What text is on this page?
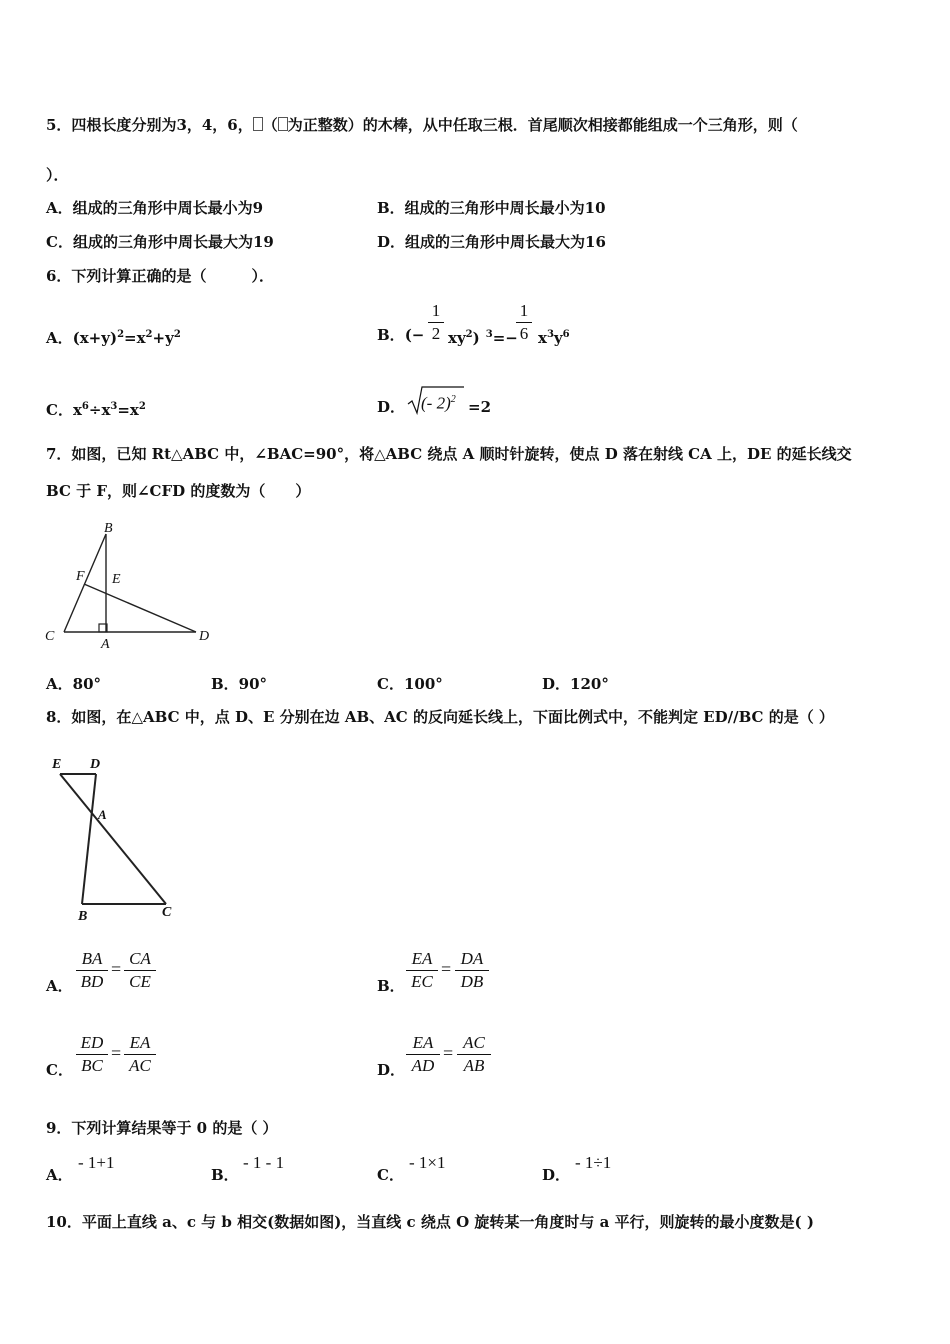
5．四根长度分别为3，4，6， （ 为正整数）的木棒，从中任取三根．首尾顺次相接都能组成一个三角形，则（
）．
A．组成的三角形中周长最小为9	B．组成的三角形中周长最小为10
C．组成的三角形中周长最大为19	D．组成的三角形中周长最大为16
6．下列计算正确的是（　　　）．
A．$(x+y)^2=x^2+y^2$	B．(− $\frac{1}{2} xy^2$) $^3$=−
$\frac{1}{6} x^3y^6$
C．$x^6\div x^3=x^2$	D． (- 2)$^2$ =2
7．如图，已知 Rt△ABC 中，∠BAC=90°，将△ABC 绕点 A 顺时针旋转，使点 D 落在射线 CA 上，DE 的延长线交
BC 于 F，则∠CFD 的度数为（　　）
B
F E
C
A
D
A．80°	B．90°	C．100°	D．120°
8．如图，在△ABC 中，点 D、E 分别在边 AB、AC 的反向延长线上，下面比例式中，不能判定 ED//BC 的是（ ）
E D
A
B	C
A． $\frac{BA}{BD} = \frac{CA}{CE}$	B． $\frac{EA}{EC} = \frac{DA}{DB}$
C． $\frac{ED}{BC} = \frac{EA}{AC}$	D． $\frac{EA}{AD} = \frac{AC}{AB}$
9．下列计算结果等于 0 的是（ ）
A．
- 1+1
B．
- 1 - 1
C．
- 1×1
D．
- 1÷1
10．平面上直线 a、c 与 b 相交(数据如图)，当直线 c 绕点 O 旋转某一角度时与 a 平行，则旋转的最小度数是( )
